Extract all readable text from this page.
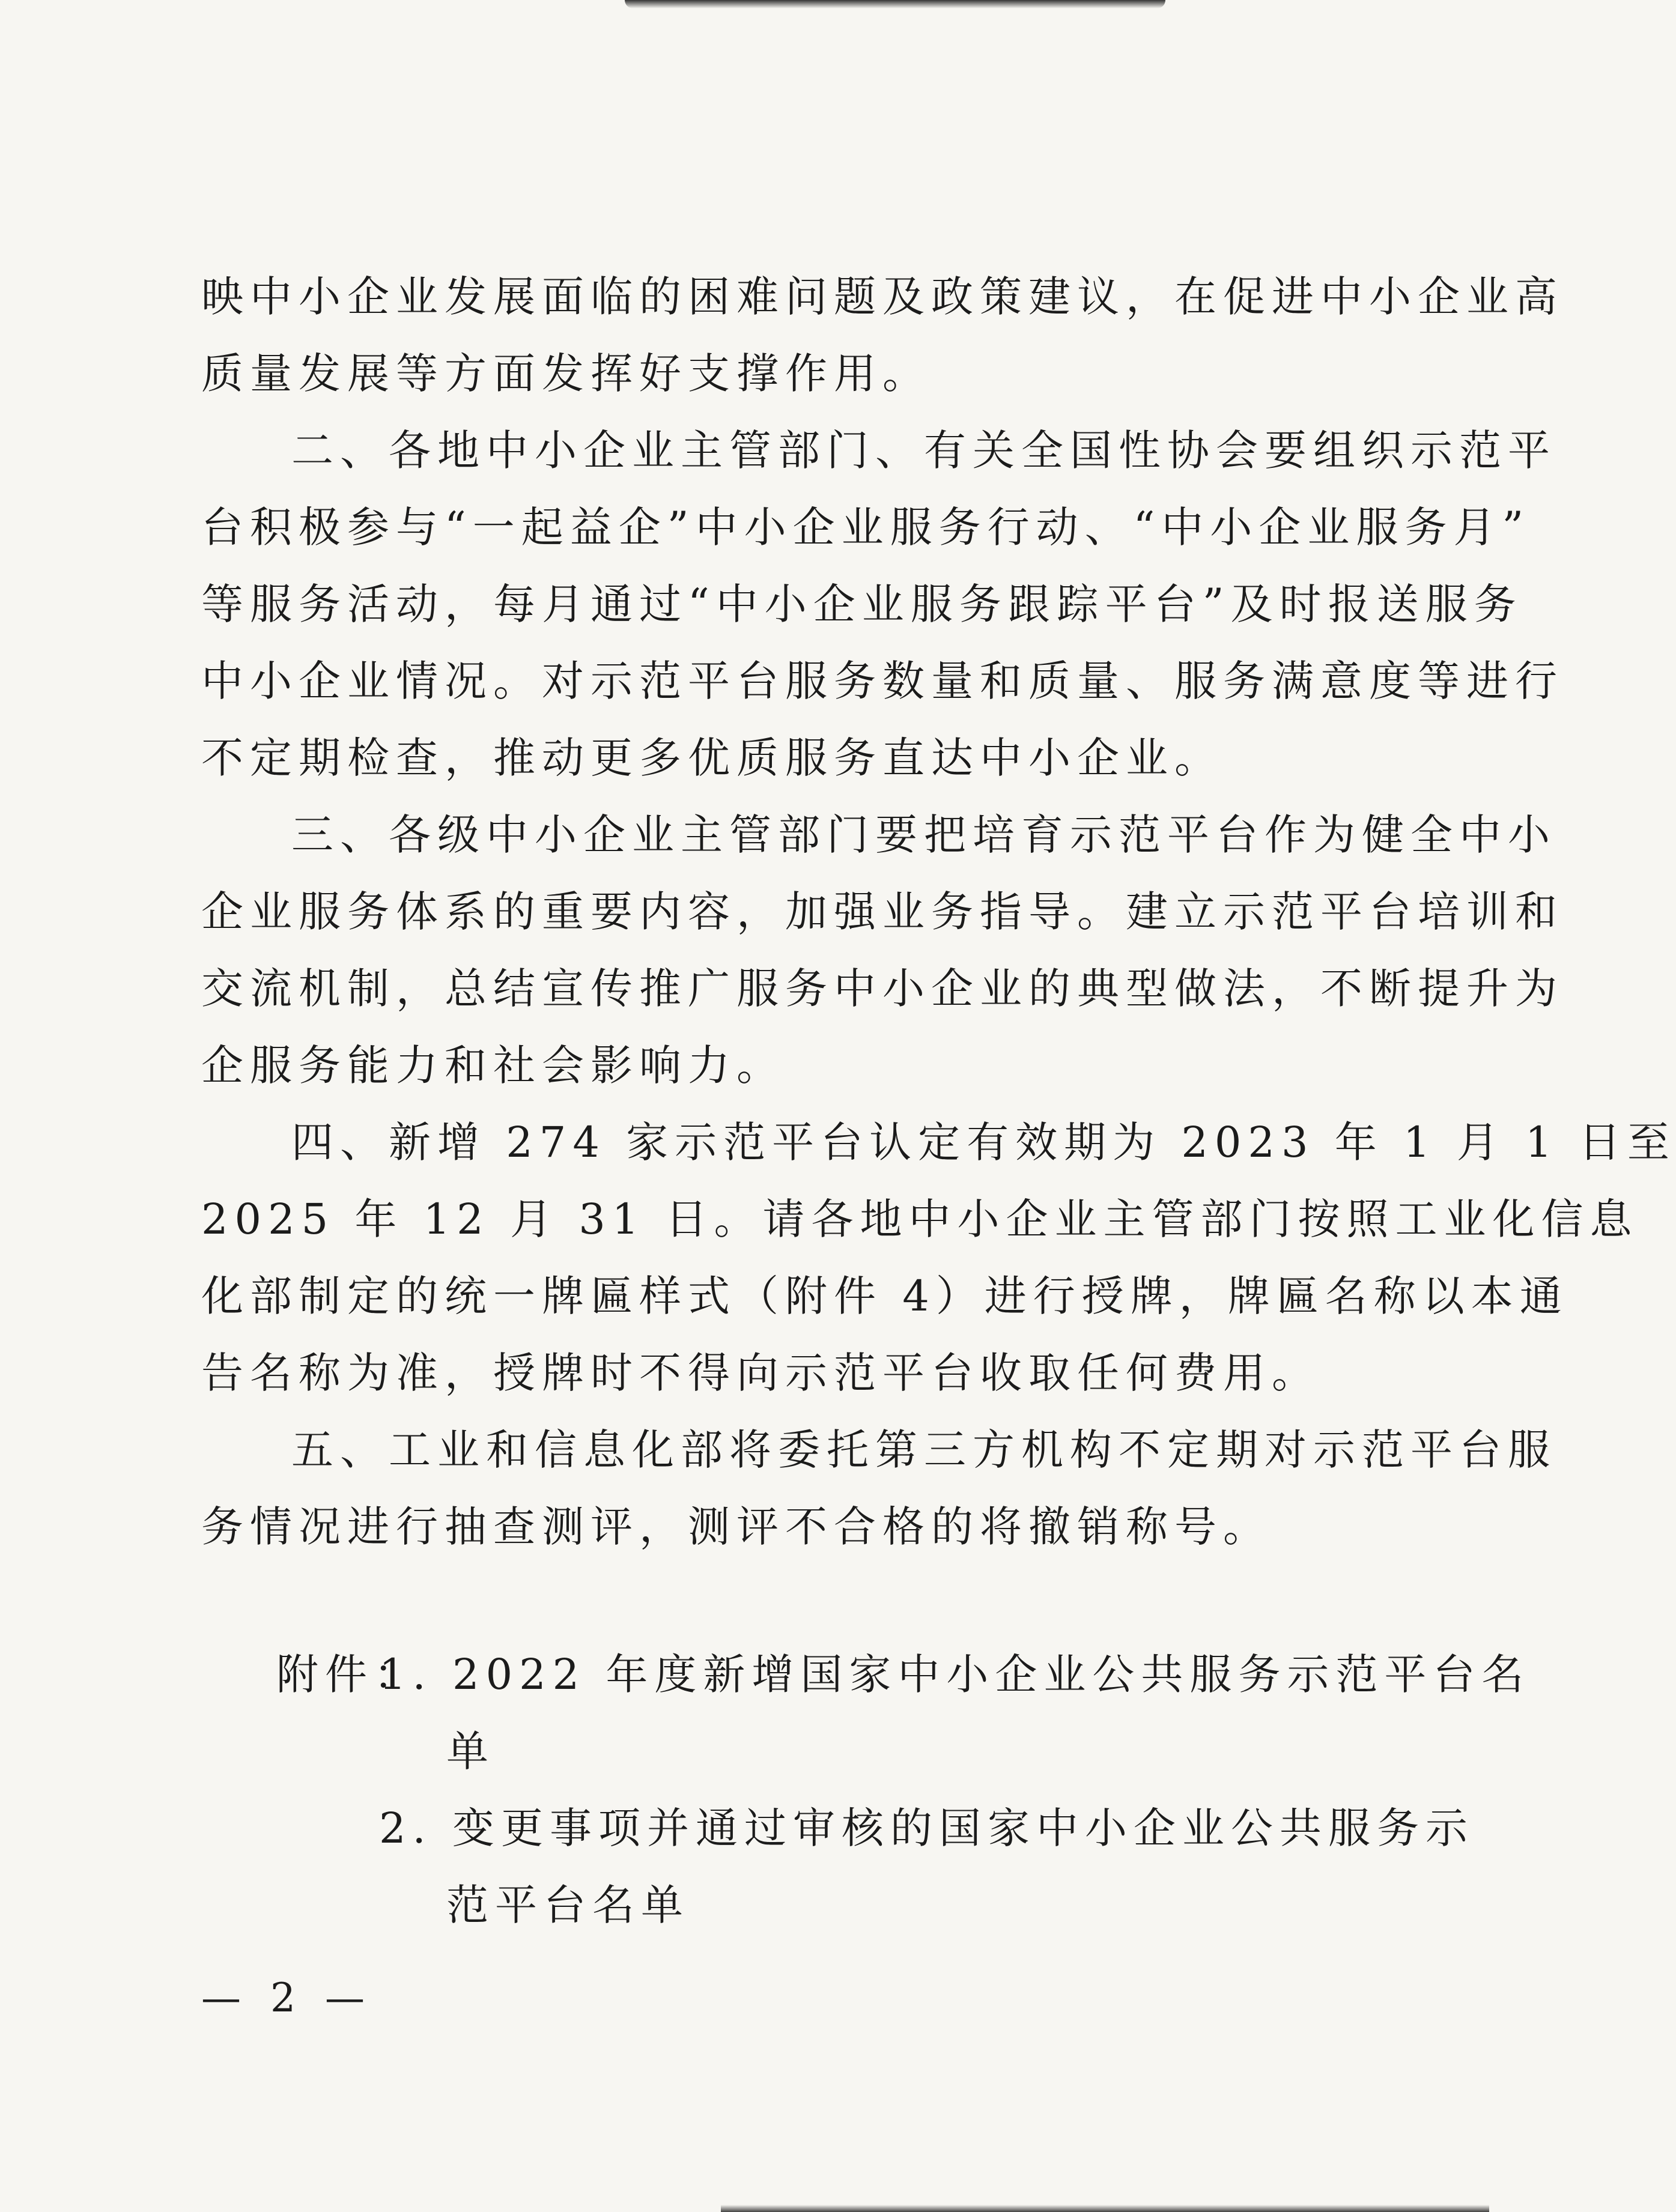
映中小企业发展面临的困难问题及政策建议，在促进中小企业高
质量发展等方面发挥好支撑作用。
二、各地中小企业主管部门、有关全国性协会要组织示范平
台积极参与“一起益企”中小企业服务行动、“中小企业服务月”
等服务活动，每月通过“中小企业服务跟踪平台”及时报送服务
中小企业情况。对示范平台服务数量和质量、服务满意度等进行
不定期检查，推动更多优质服务直达中小企业。
三、各级中小企业主管部门要把培育示范平台作为健全中小
企业服务体系的重要内容，加强业务指导。建立示范平台培训和
交流机制，总结宣传推广服务中小企业的典型做法，不断提升为
企服务能力和社会影响力。
四、新增 274 家示范平台认定有效期为 2023 年 1 月 1 日至
2025 年 12 月 31 日。请各地中小企业主管部门按照工业化信息
化部制定的统一牌匾样式（附件 4）进行授牌，牌匾名称以本通
告名称为准，授牌时不得向示范平台收取任何费用。
五、工业和信息化部将委托第三方机构不定期对示范平台服
务情况进行抽查测评，测评不合格的将撤销称号。
附件：1. 2022 年度新增国家中小企业公共服务示范平台名
单
2. 变更事项并通过审核的国家中小企业公共服务示
范平台名单
— 2 —
